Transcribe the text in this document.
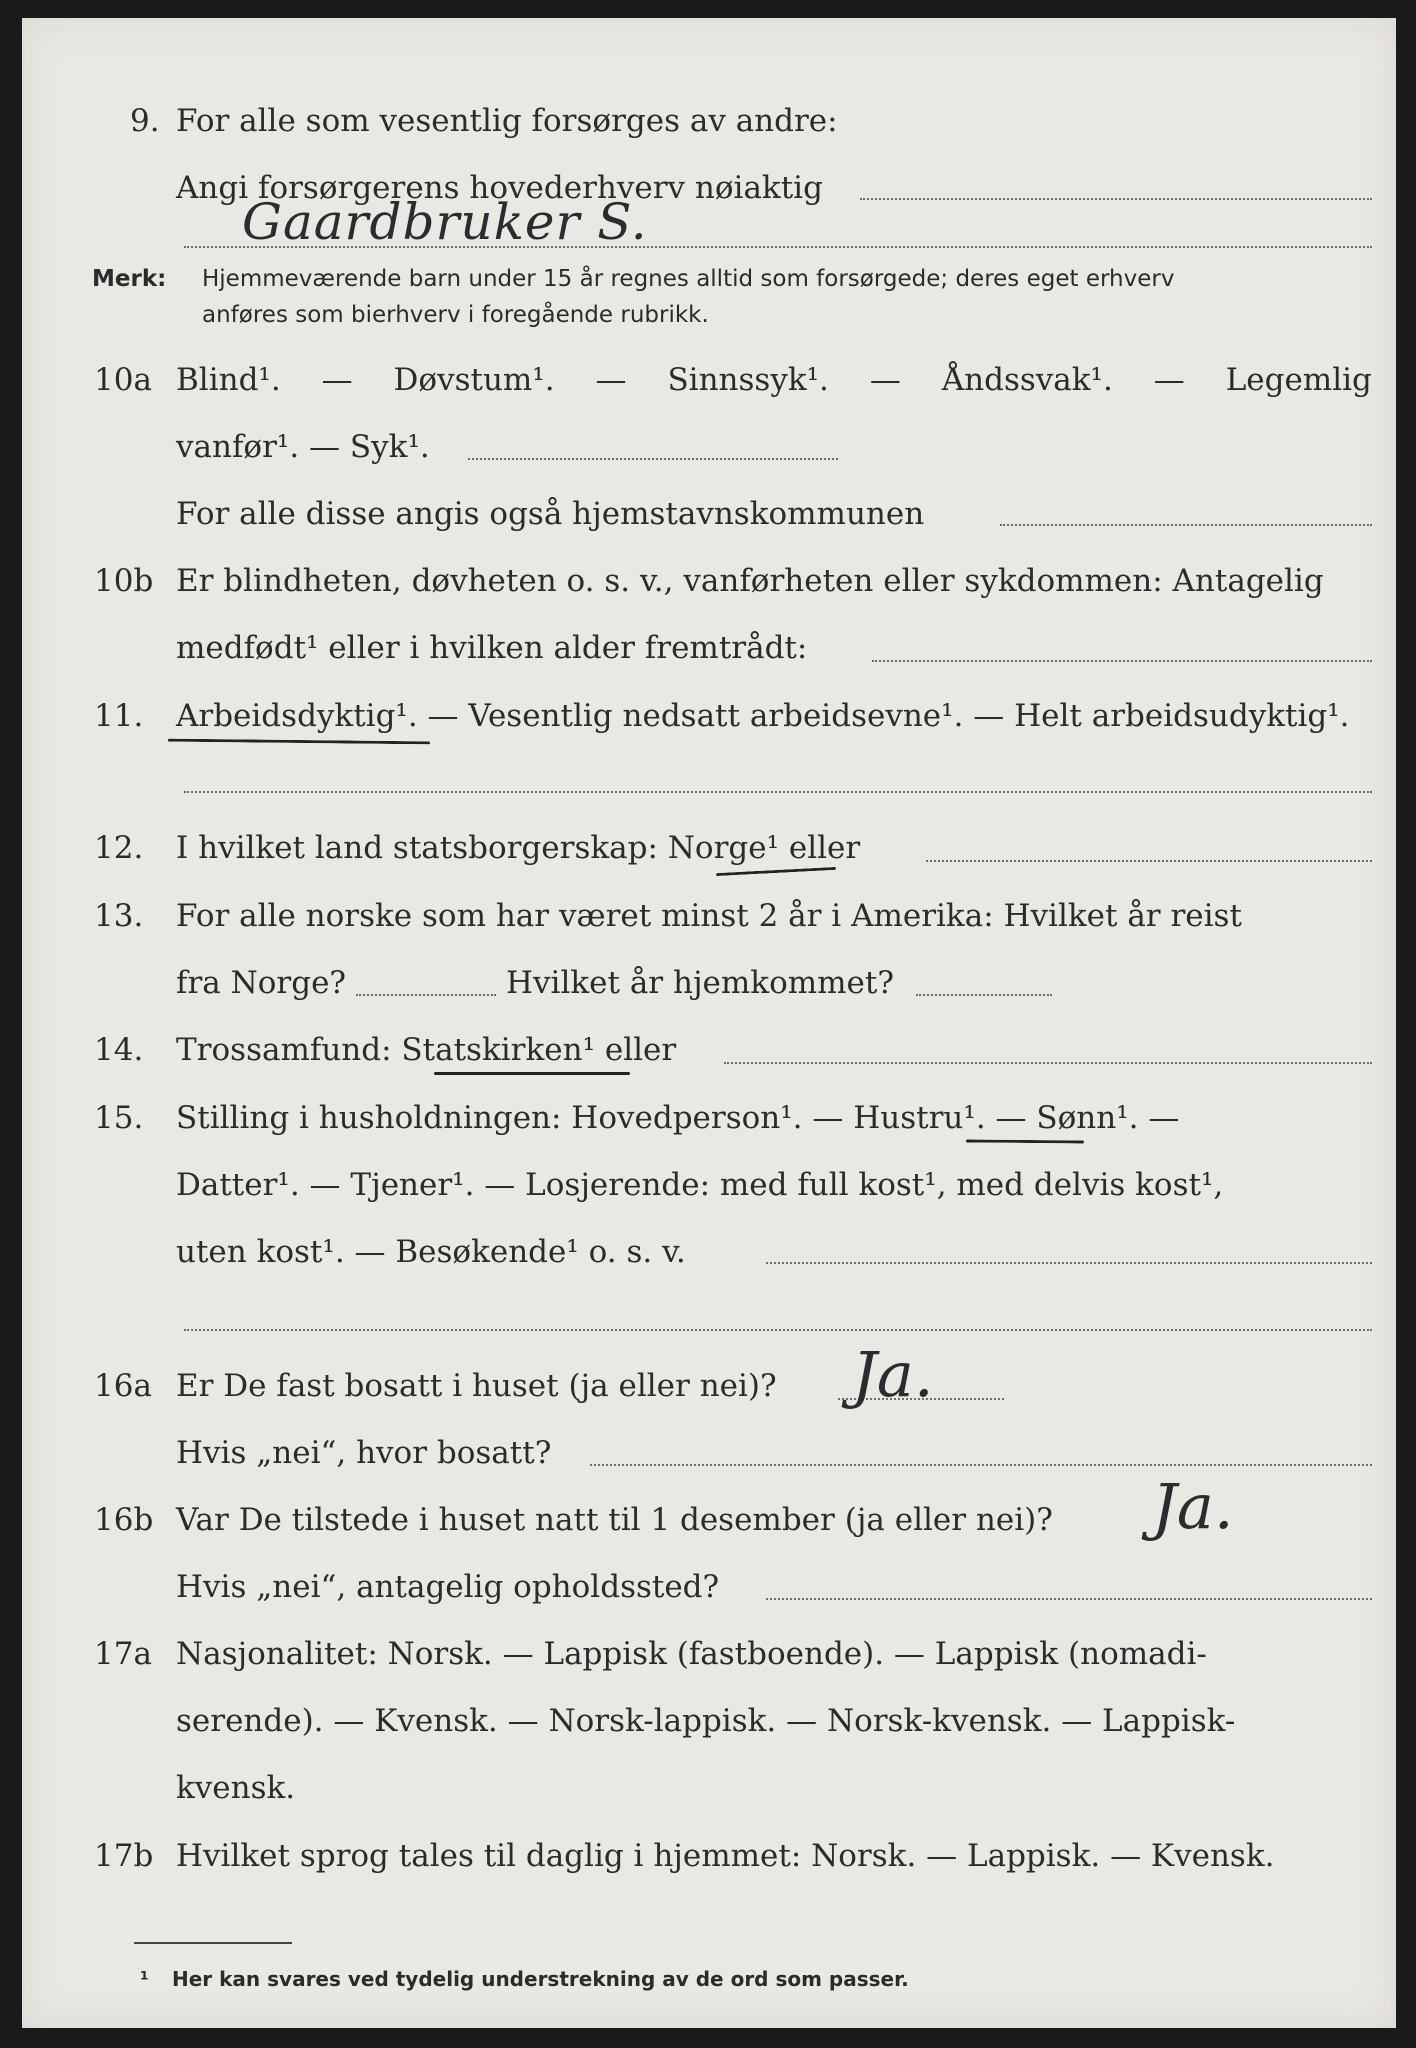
9. For alle som vesentlig forsørges av andre:
Angi forsørgerens hovederhverv nøiaktig
Gaardbruker S.
Merk: Hjemmeværende barn under 15 år regnes alltid som forsørgede; deres eget erhverv
anføres som bierhverv i foregående rubrikk.
10a Blind¹. — Døvstum¹. — Sinnssyk¹. — Åndssvak¹. — Legemlig
vanfør¹. — Syk¹.
For alle disse angis også hjemstavnskommunen
10b Er blindheten, døvheten o. s. v., vanførheten eller sykdommen: Antagelig
medfødt¹ eller i hvilken alder fremtrådt:
11. Arbeidsdyktig¹. — Vesentlig nedsatt arbeidsevne¹. — Helt arbeidsudyktig¹.
12. I hvilket land statsborgerskap: Norge¹ eller
13. For alle norske som har været minst 2 år i Amerika: Hvilket år reist
fra Norge?	Hvilket år hjemkommet?
14. Trossamfund: Statskirken¹ eller
15. Stilling i husholdningen: Hovedperson¹. — Hustru¹. — Sønn¹. —
Datter¹. — Tjener¹. — Losjerende: med full kost¹, med delvis kost¹,
uten kost¹. — Besøkende¹ o. s. v.
16a Er De fast bosatt i huset (ja eller nei)? Ja.
Hvis „nei“, hvor bosatt?
16b Var De tilstede i huset natt til 1 desember (ja eller nei)? Ja.
Hvis „nei“, antagelig opholdssted?
17a Nasjonalitet: Norsk. — Lappisk (fastboende). — Lappisk (nomadi-
serende). — Kvensk. — Norsk-lappisk. — Norsk-kvensk. — Lappisk-
kvensk.
17b Hvilket sprog tales til daglig i hjemmet: Norsk. — Lappisk. — Kvensk.
¹ Her kan svares ved tydelig understrekning av de ord som passer.
